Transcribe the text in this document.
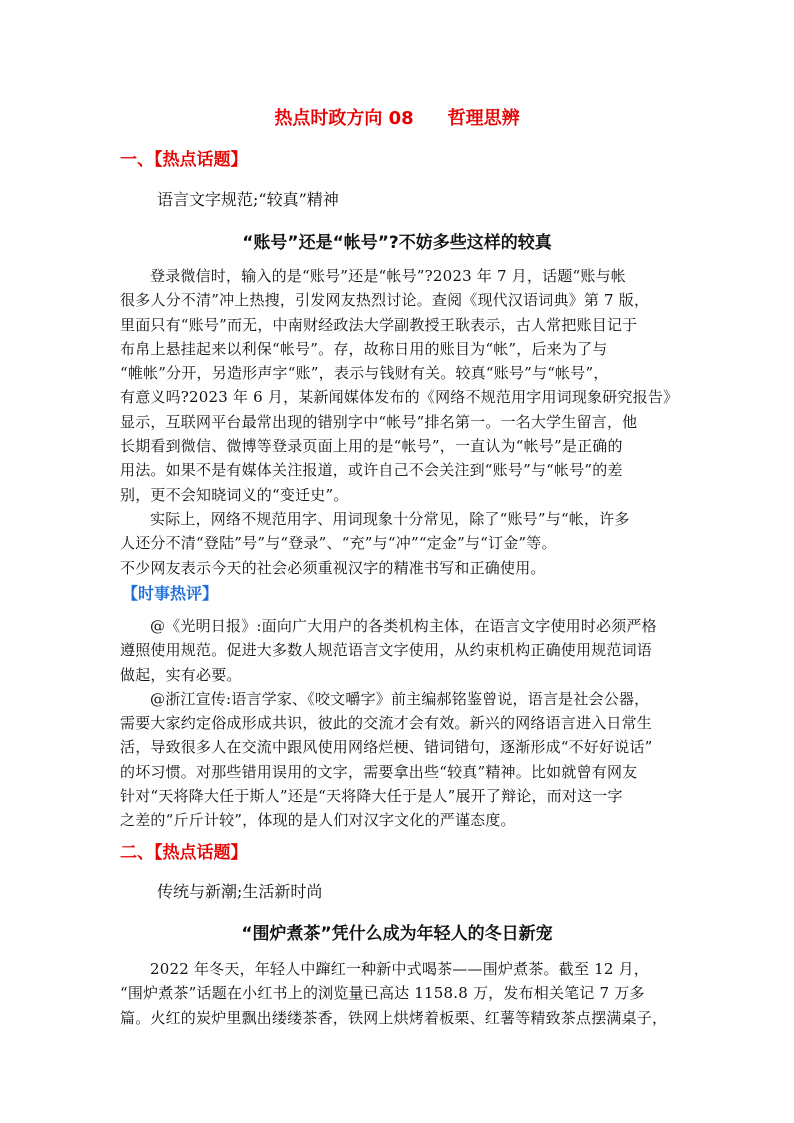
热点时政方向 08 哲理思辨
一、【热点话题】
语言文字规范;“较真”精神
“账号”还是“帐号”?不妨多些这样的较真
登录微信时，输入的是“账号”还是“帐号”?2023 年 7 月，话题“账与帐
很多人分不清”冲上热搜，引发网友热烈讨论。查阅《现代汉语词典》第 7 版，
里面只有“账号”而无，中南财经政法大学副教授王耿表示，古人常把账目记于
布帛上悬挂起来以利保“帐号”。存，故称日用的账目为“帐”，后来为了与
“帷帐”分开，另造形声字“账”，表示与钱财有关。较真“账号”与“帐号”，
有意义吗?2023 年 6 月，某新闻媒体发布的《网络不规范用字用词现象研究报告》
显示，互联网平台最常出现的错别字中“帐号”排名第一。一名大学生留言，他
长期看到微信、微博等登录页面上用的是“帐号”，一直认为“帐号”是正确的
用法。如果不是有媒体关注报道，或许自己不会关注到“账号”与“帐号”的差
别，更不会知晓词义的“变迁史”。
实际上，网络不规范用字、用词现象十分常见，除了“账号”与“帐，许多
人还分不清“登陆”号”与“登录”、“充”与“冲”“定金”与“订金”等。
不少网友表示今天的社会必须重视汉字的精准书写和正确使用。
【时事热评】
@《光明日报》:面向广大用户的各类机构主体，在语言文字使用时必须严格
遵照使用规范。促进大多数人规范语言文字使用，从约束机构正确使用规范词语
做起，实有必要。
@浙江宣传:语言学家、《咬文嚼字》前主编郝铭鉴曾说，语言是社会公器，
需要大家约定俗成形成共识，彼此的交流才会有效。新兴的网络语言进入日常生
活，导致很多人在交流中跟风使用网络烂梗、错词错句，逐渐形成“不好好说话”
的坏习惯。对那些错用误用的文字，需要拿出些“较真”精神。比如就曾有网友
针对“天将降大任于斯人”还是“天将降大任于是人”展开了辩论，而对这一字
之差的“斤斤计较”，体现的是人们对汉字文化的严谨态度。
二、【热点话题】
传统与新潮;生活新时尚
“围炉煮茶”凭什么成为年轻人的冬日新宠
2022 年冬天，年轻人中蹿红一种新中式喝茶——围炉煮茶。截至 12 月，
“围炉煮茶”话题在小红书上的浏览量已高达 1158.8 万，发布相关笔记 7 万多
篇。火红的炭炉里飘出缕缕茶香，铁网上烘烤着板栗、红薯等精致茶点摆满桌子，
